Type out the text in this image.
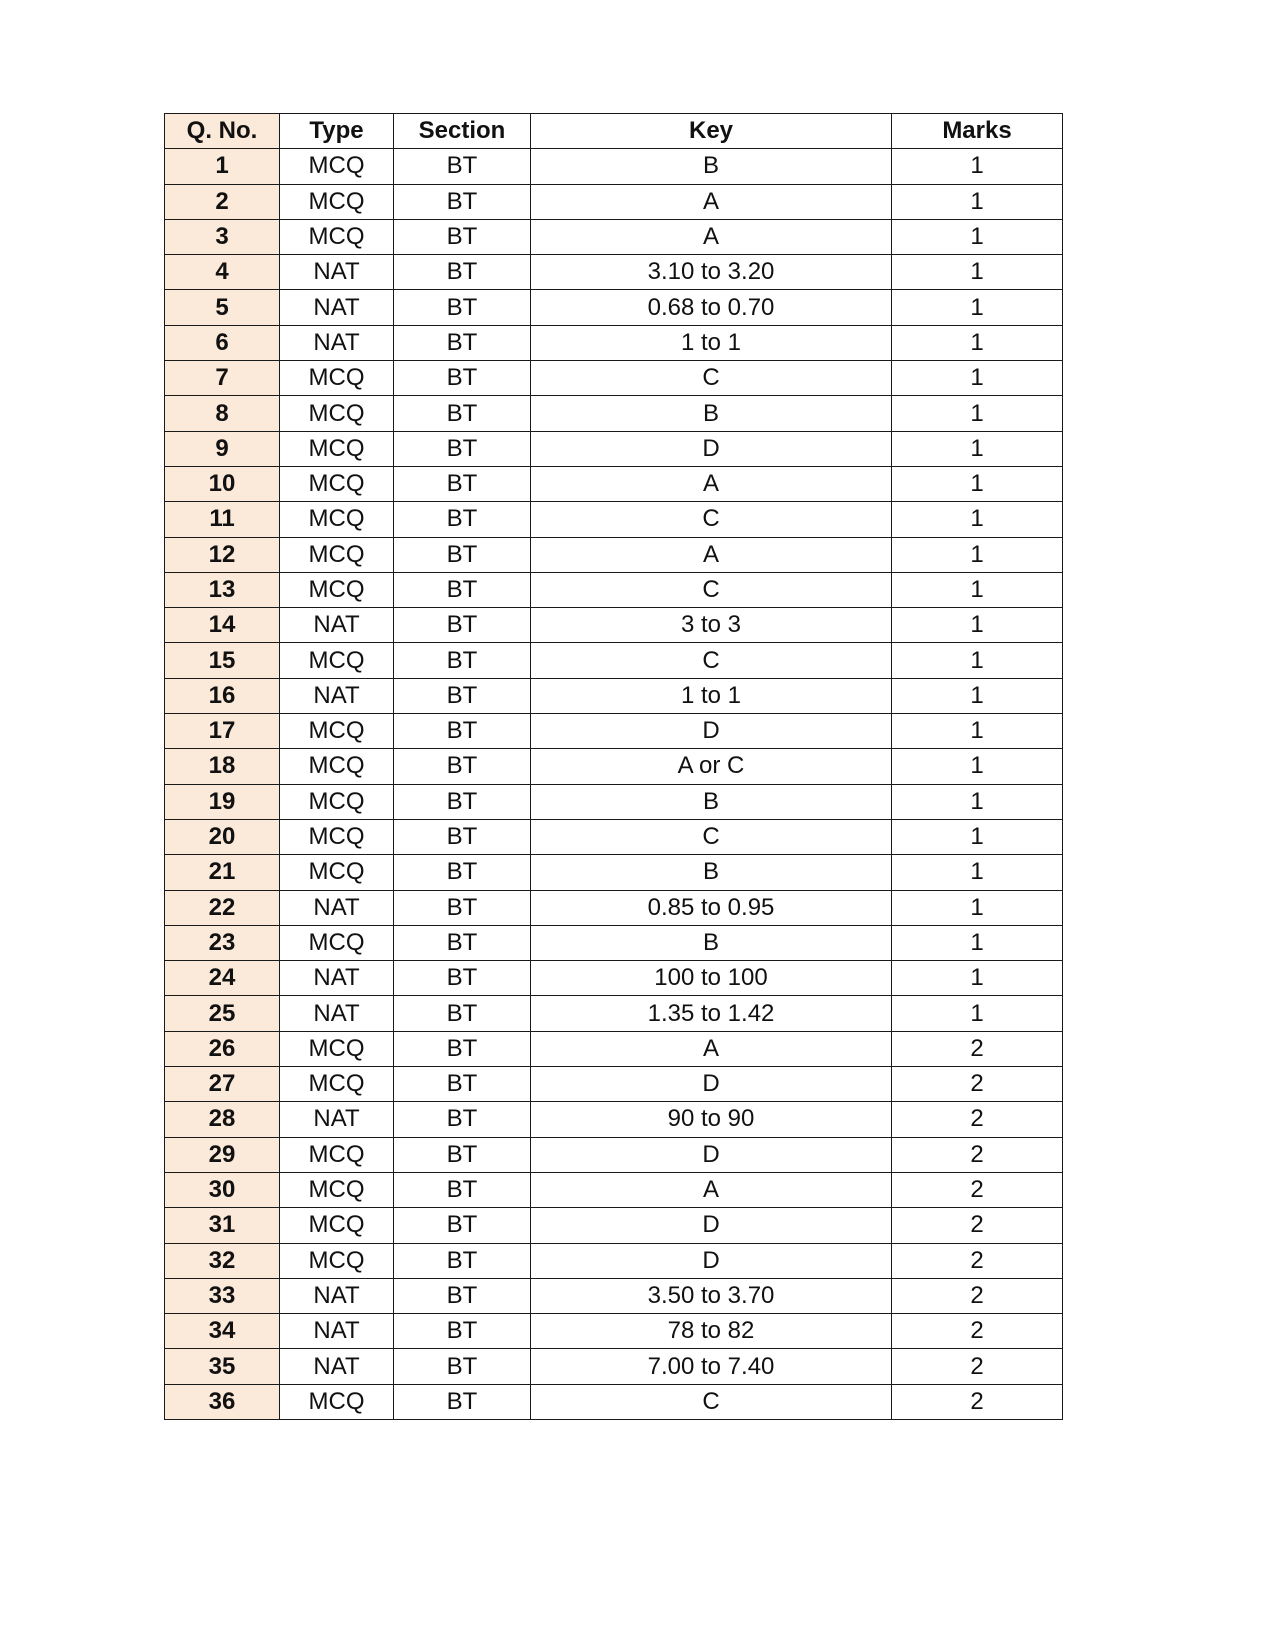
Q. No.	Type	Section	Key	Marks
1	MCQ	BT	B	1
2	MCQ	BT	A	1
3	MCQ	BT	A	1
4	NAT	BT	3.10 to 3.20	1
5	NAT	BT	0.68 to 0.70	1
6	NAT	BT	1 to 1	1
7	MCQ	BT	C	1
8	MCQ	BT	B	1
9	MCQ	BT	D	1
10	MCQ	BT	A	1
11	MCQ	BT	C	1
12	MCQ	BT	A	1
13	MCQ	BT	C	1
14	NAT	BT	3 to 3	1
15	MCQ	BT	C	1
16	NAT	BT	1 to 1	1
17	MCQ	BT	D	1
18	MCQ	BT	A or C	1
19	MCQ	BT	B	1
20	MCQ	BT	C	1
21	MCQ	BT	B	1
22	NAT	BT	0.85 to 0.95	1
23	MCQ	BT	B	1
24	NAT	BT	100 to 100	1
25	NAT	BT	1.35 to 1.42	1
26	MCQ	BT	A	2
27	MCQ	BT	D	2
28	NAT	BT	90 to 90	2
29	MCQ	BT	D	2
30	MCQ	BT	A	2
31	MCQ	BT	D	2
32	MCQ	BT	D	2
33	NAT	BT	3.50 to 3.70	2
34	NAT	BT	78 to 82	2
35	NAT	BT	7.00 to 7.40	2
36	MCQ	BT	C	2
